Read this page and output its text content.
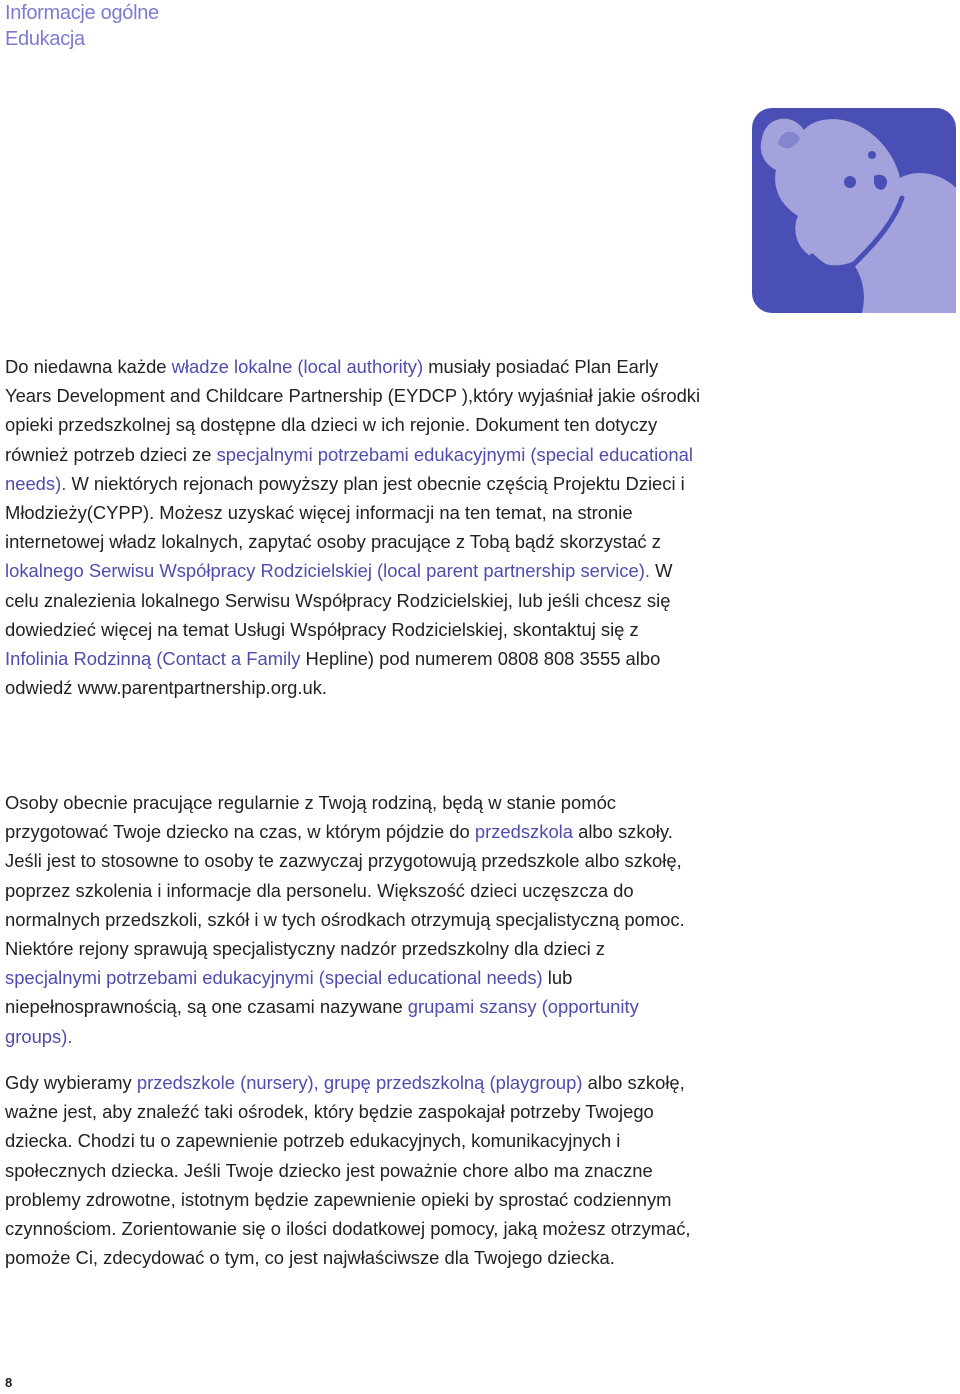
Informacje ogólne
Edukacja

Do niedawna każde władze lokalne (local authority) musiały posiadać Plan Early Years Development and Childcare Partnership (EYDCP ),który wyjaśniał jakie ośrodki opieki przedszkolnej są dostępne dla dzieci w ich rejonie. Dokument ten dotyczy również potrzeb dzieci ze specjalnymi potrzebami edukacyjnymi (special educational needs). W niektórych rejonach powyższy plan jest obecnie częścią Projektu Dzieci i Młodzieży(CYPP). Możesz uzyskać więcej informacji na ten temat, na stronie internetowej władz lokalnych, zapytać osoby pracujące z Tobą bądź skorzystać z lokalnego Serwisu Współpracy Rodzicielskiej (local parent partnership service). W celu znalezienia lokalnego Serwisu Współpracy Rodzicielskiej, lub jeśli chcesz się dowiedzieć więcej na temat Usługi Współpracy Rodzicielskiej, skontaktuj się z Infolinia Rodzinną (Contact a Family Hepline) pod numerem 0808 808 3555 albo odwiedź www.parentpartnership.org.uk.

Osoby obecnie pracujące regularnie z Twoją rodziną, będą w stanie pomóc przygotować Twoje dziecko na czas, w którym pójdzie do przedszkola albo szkoły. Jeśli jest to stosowne to osoby te zazwyczaj przygotowują przedszkole albo szkołę, poprzez szkolenia i informacje dla personelu. Większość dzieci uczęszcza do normalnych przedszkoli, szkół i w tych ośrodkach otrzymują specjalistyczną pomoc. Niektóre rejony sprawują specjalistyczny nadzór przedszkolny dla dzieci z specjalnymi potrzebami edukacyjnymi (special educational needs) lub niepełnosprawnością, są one czasami nazywane grupami szansy (opportunity groups).

Gdy wybieramy przedszkole (nursery), grupę przedszkolną (playgroup) albo szkołę, ważne jest, aby znaleźć taki ośrodek, który będzie zaspokajał potrzeby Twojego dziecka. Chodzi tu o zapewnienie potrzeb edukacyjnych, komunikacyjnych i społecznych dziecka. Jeśli Twoje dziecko jest poważnie chore albo ma znaczne problemy zdrowotne, istotnym będzie zapewnienie opieki by sprostać codziennym czynnościom. Zorientowanie się o ilości dodatkowej pomocy, jaką możesz otrzymać, pomoże Ci, zdecydować o tym, co jest najwłaściwsze dla Twojego dziecka.

8
